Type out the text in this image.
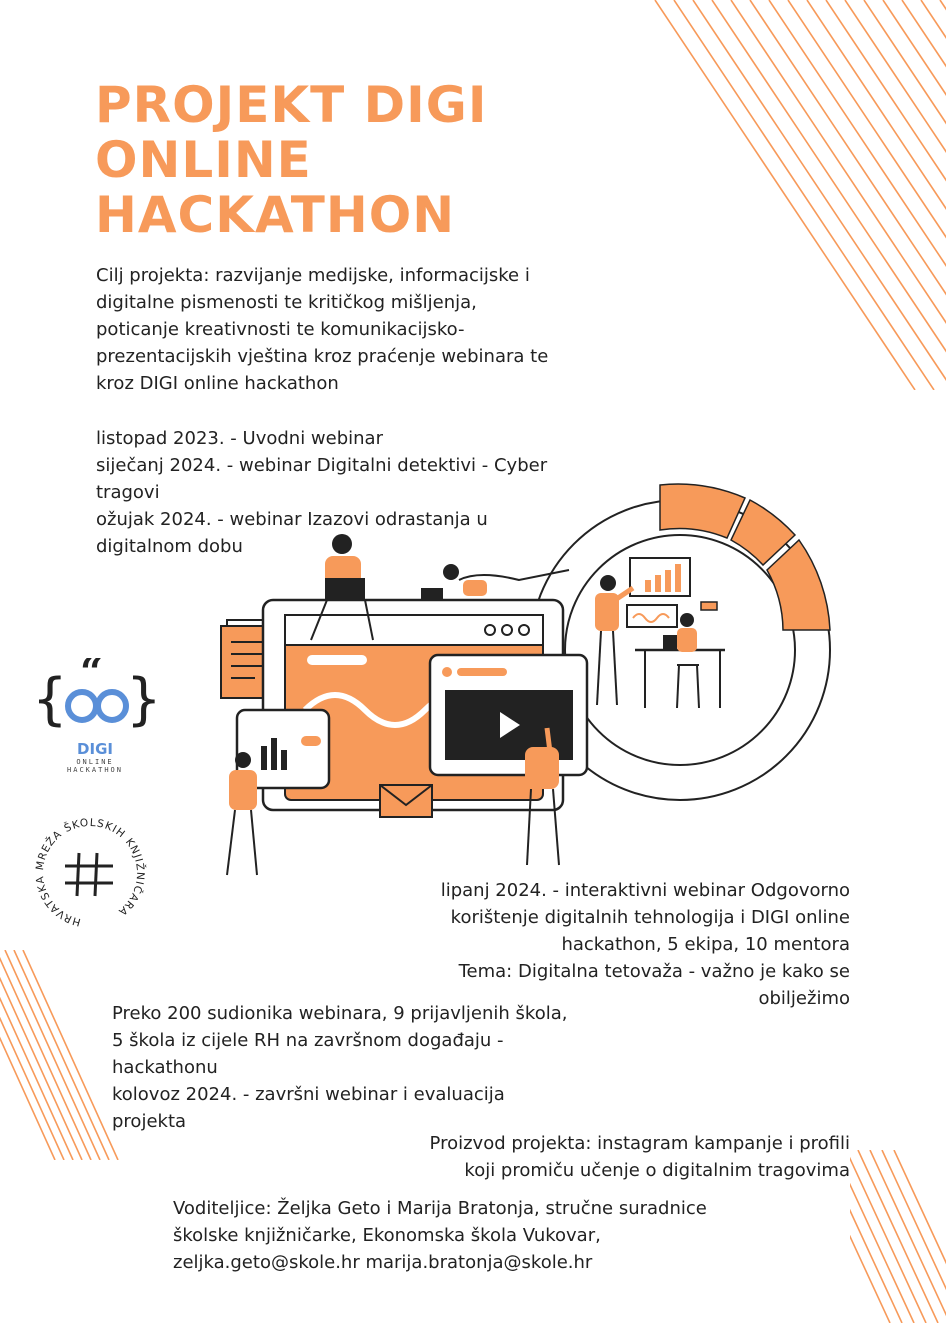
PROJEKT DIGI
ONLINE
HACKATHON

Cilj projekta: razvijanje medijske, informacijske i
digitalne pismenosti te kritičkog mišljenja,
poticanje kreativnosti te komunikacijsko-
prezentacijskih vještina kroz praćenje webinara te
kroz DIGI online hackathon

listopad 2023. - Uvodni webinar
siječanj 2024. - webinar Digitalni detektivi - Cyber
tragovi
ožujak 2024. - webinar Izazovi odrastanja u
digitalnom dobu

{ }
“
DIGI
ONLINE
HACKATHON
HRVATSKA MREŽA ŠKOLSKIH KNJIŽNIČARA

lipanj 2024. - interaktivni webinar Odgovorno
korištenje digitalnih tehnologija i DIGI online
hackathon, 5 ekipa, 10 mentora
Tema: Digitalna tetovaža - važno je kako se
obilježimo

Preko 200 sudionika webinara, 9 prijavljenih škola,
5 škola iz cijele RH na završnom događaju -
hackathonu
kolovoz 2024. - završni webinar i evaluacija
projekta

Proizvod projekta: instagram kampanje i profili
koji promiču učenje o digitalnim tragovima

Voditeljice: Željka Geto i Marija Bratonja, stručne suradnice
školske knjižničarke, Ekonomska škola Vukovar,
zeljka.geto@skole.hr marija.bratonja@skole.hr
